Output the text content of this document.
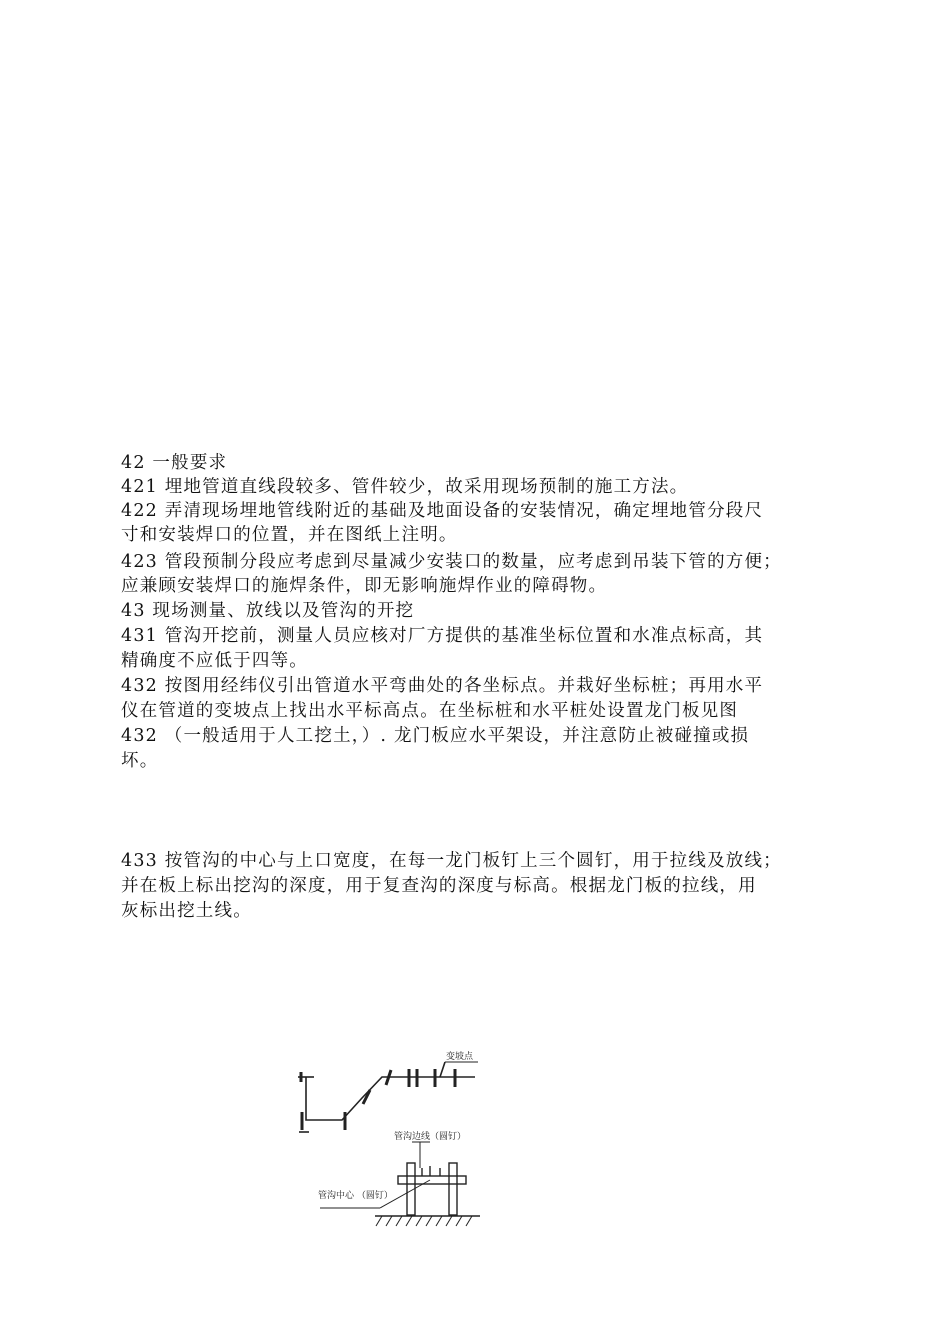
42 一般要求
421 埋地管道直线段较多、管件较少，故采用现场预制的施工方法。
422 弄清现场埋地管线附近的基础及地面设备的安装情况，确定埋地管分段尺
寸和安装焊口的位置，并在图纸上注明。
423 管段预制分段应考虑到尽量减少安装口的数量，应考虑到吊装下管的方便；
应兼顾安装焊口的施焊条件，即无影响施焊作业的障碍物。
43 现场测量、放线以及管沟的开挖
431 管沟开挖前，测量人员应核对厂方提供的基准坐标位置和水准点标高，其
精确度不应低于四等。
432 按图用经纬仪引出管道水平弯曲处的各坐标点。并栽好坐标桩；再用水平
仪在管道的变坡点上找出水平标高点。在坐标桩和水平桩处设置龙门板见图
432 （一般适用于人工挖土，）. 龙门板应水平架设，并注意防止被碰撞或损
坏。
433 按管沟的中心与上口宽度，在每一龙门板钉上三个圆钉，用于拉线及放线；
并在板上标出挖沟的深度，用于复查沟的深度与标高。根据龙门板的拉线，用
灰标出挖土线。
变坡点
管沟边线（圆钉）
管沟中心 （圆钉）
